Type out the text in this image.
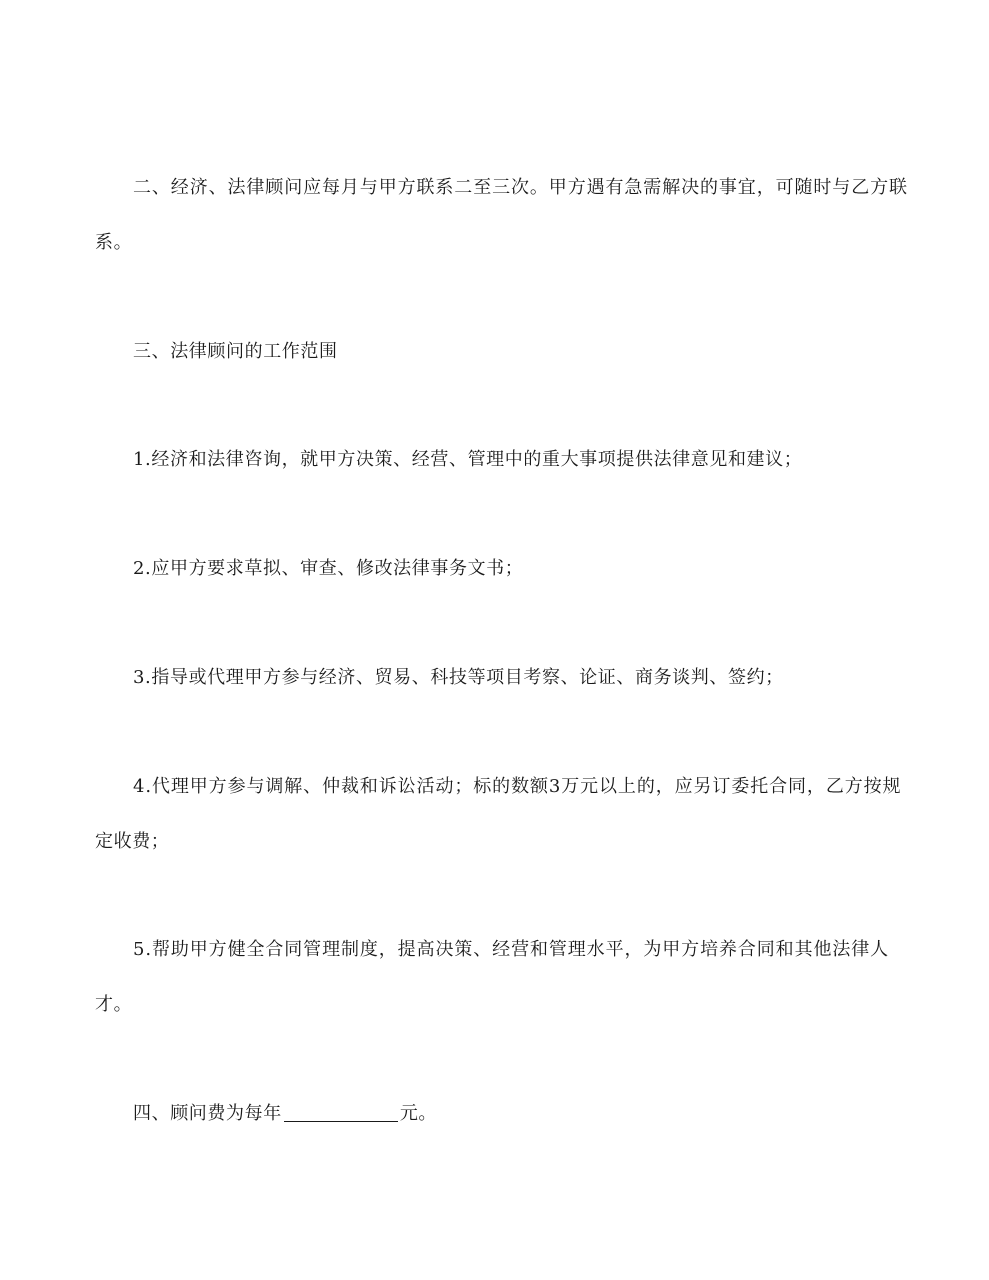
二、经济、法律顾问应每月与甲方联系二至三次。甲方遇有急需解决的事宜，可随时与乙方联
系。
三、法律顾问的工作范围
1.经济和法律咨询，就甲方决策、经营、管理中的重大事项提供法律意见和建议；
2.应甲方要求草拟、审查、修改法律事务文书；
3.指导或代理甲方参与经济、贸易、科技等项目考察、论证、商务谈判、签约；
4.代理甲方参与调解、仲裁和诉讼活动；标的数额3万元以上的，应另订委托合同，乙方按规
定收费；
5.帮助甲方健全合同管理制度，提高决策、经营和管理水平，为甲方培养合同和其他法律人
才。
四、顾问费为每年	元。
